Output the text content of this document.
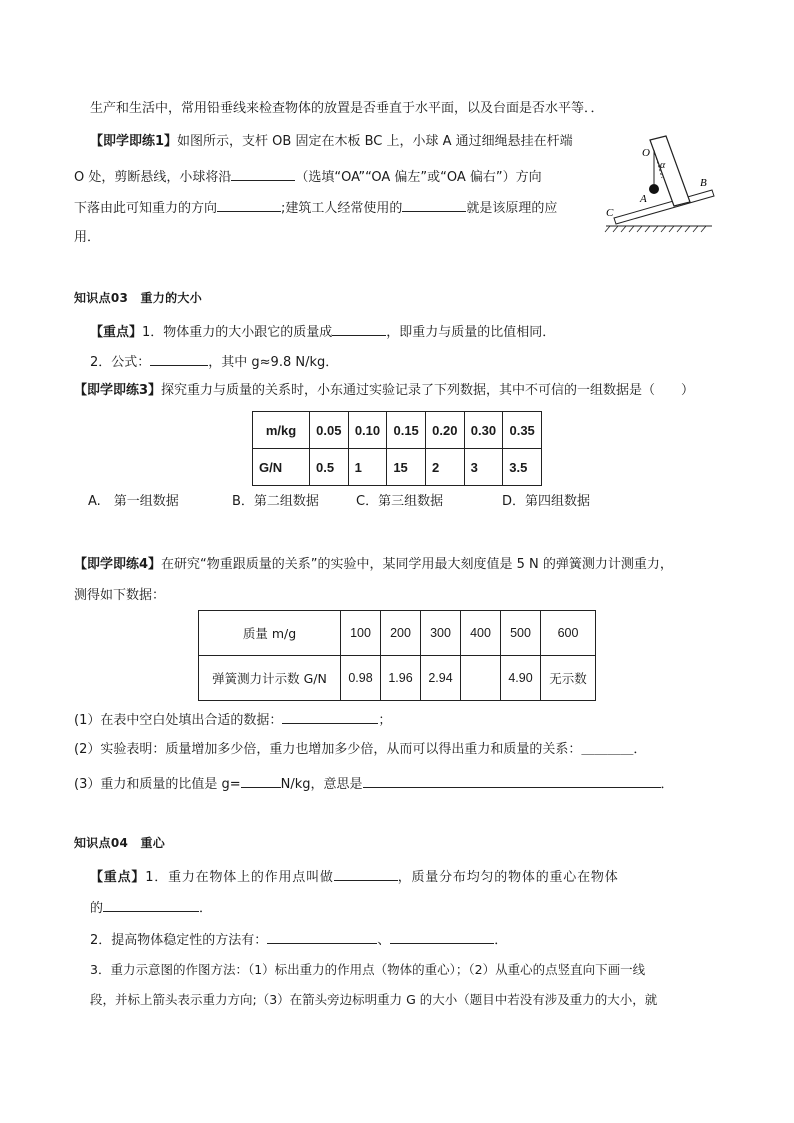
生产和生活中，常用铅垂线来检查物体的放置是否垂直于水平面，以及台面是否水平等．．
【即学即练1】如图所示，支杆 OB 固定在木板 BC 上，小球 A 通过细绳悬挂在杆端
O 处，剪断悬线，小球将沿	（选填“OA”“OA 偏左”或“OA 偏右”）方向
下落由此可知重力的方向	;建筑工人经常使用的	就是该原理的应
用．
O
α
A
B
C
知识点03　重力的大小
【重点】1．物体重力的大小跟它的质量成	，即重力与质量的比值相同．
2．公式：	，其中 g≈9.8 N/kg．
【即学即练3】探究重力与质量的关系时，小东通过实验记录了下列数据，其中不可信的一组数据是（　　）
m/kg	0.05	0.10	0.15	0.20	0.30	0.35
G/N	0.5	1	15	2	3	3.5
A.　第一组数据	B．第二组数据	C．第三组数据	D．第四组数据
【即学即练4】在研究“物重跟质量的关系”的实验中，某同学用最大刻度值是 5 N 的弹簧测力计测重力，
测得如下数据：
质量 m/g	100	200	300	400	500	600
弹簧测力计示数 G/N	0.98	1.96	2.94		4.90	无示数
(1）在表中空白处填出合适的数据：	；
(2）实验表明：质量增加多少倍，重力也增加多少倍，从而可以得出重力和质量的关系：＿＿＿＿．
(3）重力和质量的比值是 g=	N/kg，意思是	．
知识点04　重心
【重点】1．重力在物体上的作用点叫做	，质量分布均匀的物体的重心在物体
的	．
2．提高物体稳定性的方法有：	、	．
3．重力示意图的作图方法：（1）标出重力的作用点（物体的重心）；（2）从重心的点竖直向下画一线
段，并标上箭头表示重力方向;（3）在箭头旁边标明重力 G 的大小（题目中若没有涉及重力的大小，就
